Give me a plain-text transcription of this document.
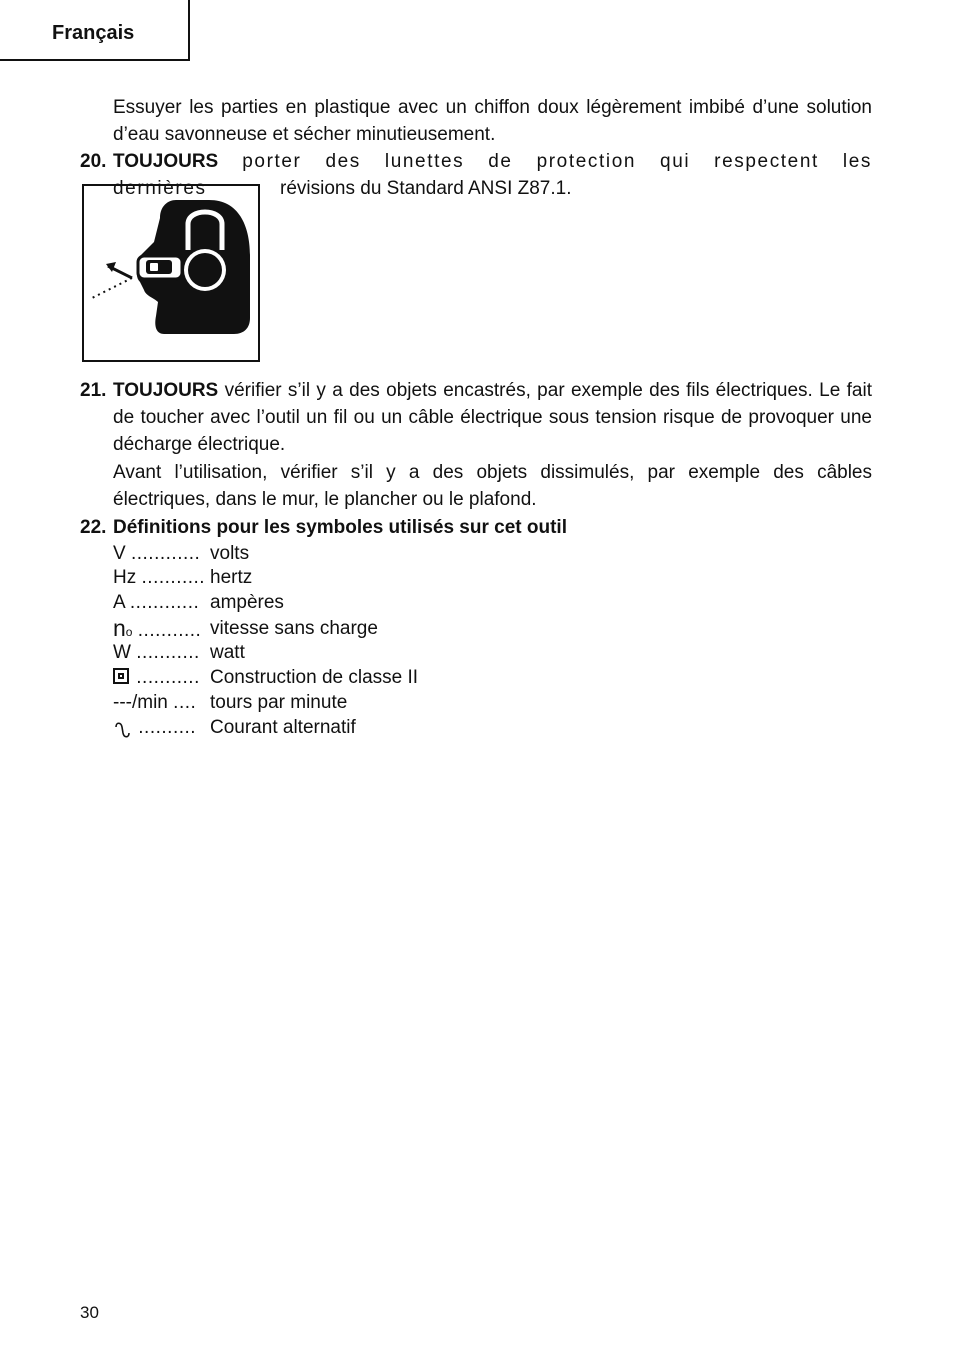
Français
Essuyer les parties en plastique avec un chiffon doux légèrement imbibé d’une solution d’eau savonneuse et sécher minutieusement.
20. TOUJOURS porter des lunettes de protection qui respectent les dernières	révisions du Standard ANSI Z87.1.
21. TOUJOURS vérifier s’il y a des objets encastrés, par exemple des fils électriques. Le fait de toucher avec l’outil un fil ou un câble électrique sous tension risque de provoquer une décharge électrique.
Avant l’utilisation, vérifier s’il y a des objets dissimulés, par exemple des câbles électriques, dans le mur, le plancher ou le plafond.
22. Définitions pour les symboles utilisés sur cet outil
V ............ volts
Hz ........... hertz
A ............ ampères
no ........... vitesse sans charge
W ........... watt
........... Construction de classe II
---/min .... tours par minute
.......... Courant alternatif
30
